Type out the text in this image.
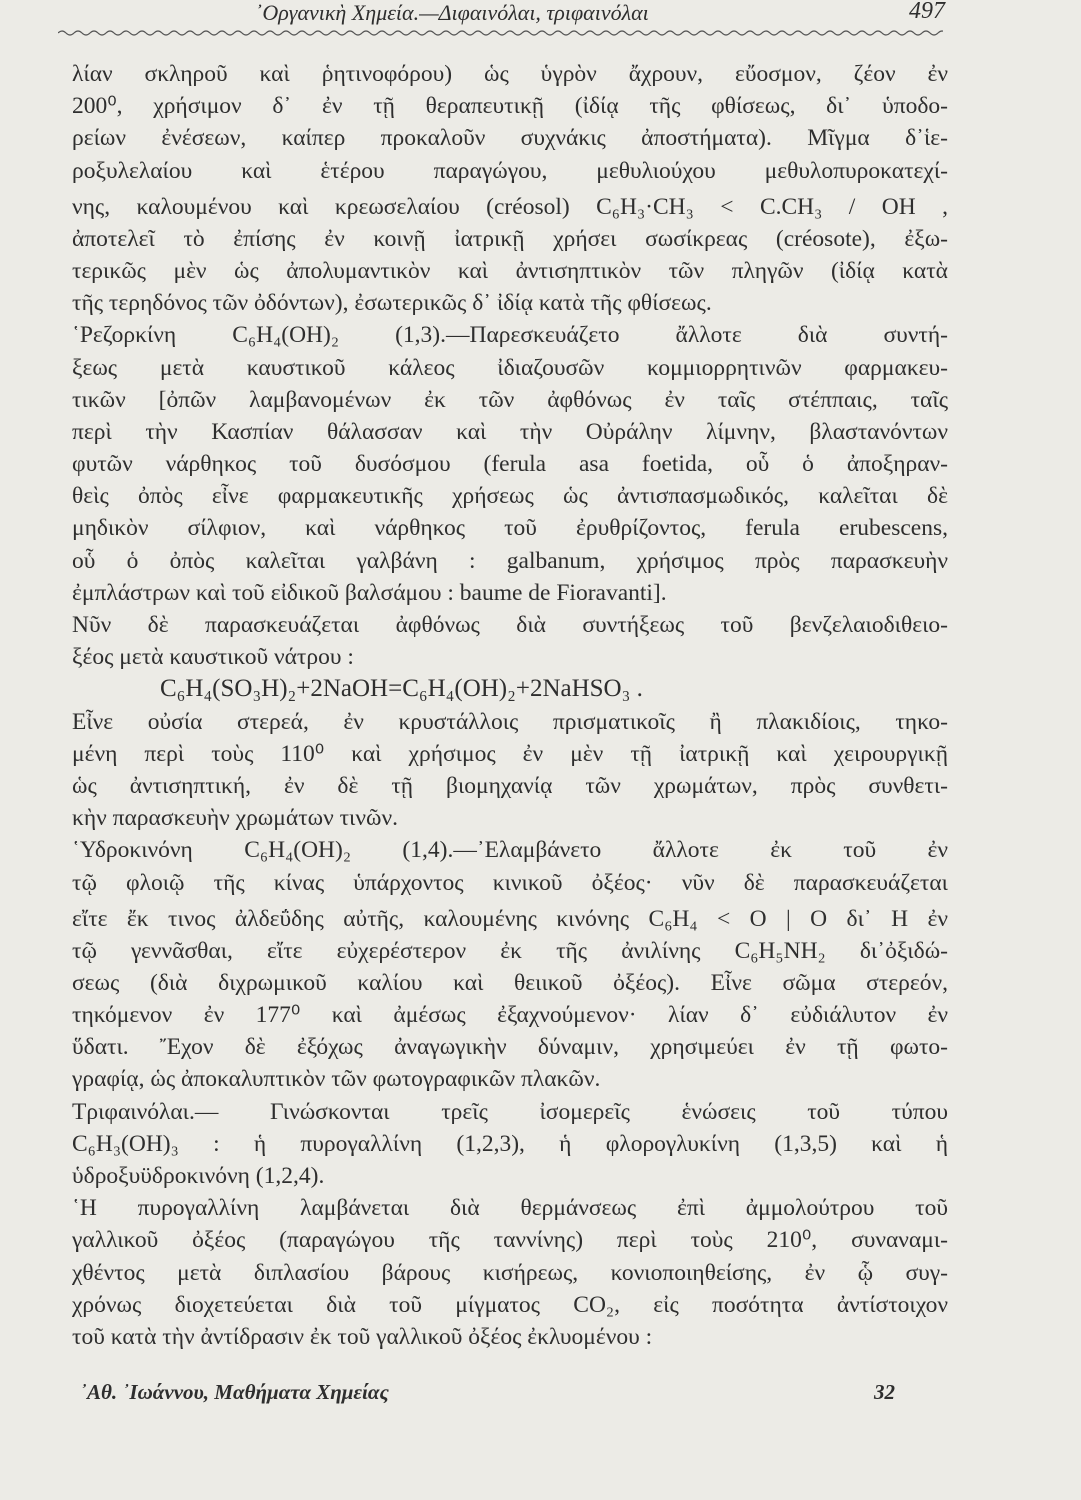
᾿Οργανικὴ Χημεία.—Διφαινόλαι, τριφαινόλαι	497
λίαν σκληροῦ καὶ ῥητινοφόρου) ὡς ὑγρὸν ἄχρουν, εὔοσμον, ζέον ἐν
200⁰, χρήσιμον δ᾿ ἐν τῇ θεραπευτικῇ (ἰδίᾳ τῆς φθίσεως, δι᾿ ὑποδο-
ρείων ἐνέσεων, καίπερ προκαλοῦν συχνάκις ἀποστήματα). Μῖγμα δ᾿ἱε-
ροξυλελαίου καὶ ἑτέρου παραγώγου, μεθυλιούχου μεθυλοπυροκατεχί-
νης, καλουμένου καὶ κρεωσελαίου (créosol) C₆H₃·CH₃ < C.CH₃ / OH ,
ἀποτελεῖ τὸ ἐπίσης ἐν κοινῇ ἰατρικῇ χρήσει σωσίκρεας (créosote), ἐξω-
τερικῶς μὲν ὡς ἀπολυμαντικὸν καὶ ἀντισηπτικὸν τῶν πληγῶν (ἰδίᾳ κατὰ
τῆς τερηδόνος τῶν ὀδόντων), ἐσωτερικῶς δ᾿ ἰδίᾳ κατὰ τῆς φθίσεως.
῾Ρεζορκίνη C₆H₄(OH)₂ (1,3).—Παρεσκευάζετο ἄλλοτε διὰ συντή-
ξεως μετὰ καυστικοῦ κάλεος ἰδιαζουσῶν κομμιορρητινῶν φαρμακευ-
τικῶν [ὀπῶν λαμβανομένων ἐκ τῶν ἀφθόνως ἐν ταῖς στέππαις, ταῖς
περὶ τὴν Κασπίαν θάλασσαν καὶ τὴν Οὐράλην λίμνην, βλαστανόντων
φυτῶν νάρθηκος τοῦ δυσόσμου (ferula asa foetida, οὗ ὁ ἀποξηραν-
θεὶς ὀπὸς εἶνε φαρμακευτικῆς χρήσεως ὡς ἀντισπασμωδικός, καλεῖται δὲ
μηδικὸν σίλφιον, καὶ νάρθηκος τοῦ ἐρυθρίζοντος, ferula erubescens,
οὗ ὁ ὀπὸς καλεῖται γαλβάνη : galbanum, χρήσιμος πρὸς παρασκευὴν
ἐμπλάστρων καὶ τοῦ εἰδικοῦ βαλσάμου : baume de Fioravanti].
Νῦν δὲ παρασκευάζεται ἀφθόνως διὰ συντήξεως τοῦ βενζελαιοδιθειο-
ξέος μετὰ καυστικοῦ νάτρου :
C₆H₄(SO₃H)₂+2NaOH=C₆H₄(OH)₂+2NaHSO₃ .
Εἶνε οὐσία στερεά, ἐν κρυστάλλοις πρισματικοῖς ἢ πλακιδίοις, τηκο-
μένη περὶ τοὺς 110⁰ καὶ χρήσιμος ἐν μὲν τῇ ἰατρικῇ καὶ χειρουργικῇ
ὡς ἀντισηπτική, ἐν δὲ τῇ βιομηχανίᾳ τῶν χρωμάτων, πρὸς συνθετι-
κὴν παρασκευὴν χρωμάτων τινῶν.
῾Υδροκινόνη C₆H₄(OH)₂ (1,4).—᾿Ελαμβάνετο ἄλλοτε ἐκ τοῦ ἐν
τῷ φλοιῷ τῆς κίνας ὑπάρχοντος κινικοῦ ὀξέος· νῦν δὲ παρασκευάζεται
εἴτε ἔκ τινος ἀλδεΰδης αὐτῆς, καλουμένης κινόνης C₆H₄ < O | O δι᾿ H ἐν
τῷ γεννᾶσθαι, εἴτε εὐχερέστερον ἐκ τῆς ἀνιλίνης C₆H₅NH₂ δι᾿ὀξιδώ-
σεως (διὰ διχρωμικοῦ καλίου καὶ θειικοῦ ὀξέος). Εἶνε σῶμα στερεόν,
τηκόμενον ἐν 177⁰ καὶ ἀμέσως ἐξαχνούμενον· λίαν δ᾿ εὐδιάλυτον ἐν
ὕδατι. Ἔχον δὲ ἐξόχως ἀναγωγικὴν δύναμιν, χρησιμεύει ἐν τῇ φωτο-
γραφίᾳ, ὡς ἀποκαλυπτικὸν τῶν φωτογραφικῶν πλακῶν.
Τριφαινόλαι.— Γινώσκονται τρεῖς ἰσομερεῖς ἑνώσεις τοῦ τύπου
C₆H₃(OH)₃ : ἡ πυρογαλλίνη (1,2,3), ἡ φλορογλυκίνη (1,3,5) καὶ ἡ
ὑδροξυϋδροκινόνη (1,2,4).
῾Η πυρογαλλίνη λαμβάνεται διὰ θερμάνσεως ἐπὶ ἀμμολούτρου τοῦ
γαλλικοῦ ὀξέος (παραγώγου τῆς ταννίνης) περὶ τοὺς 210⁰, συναναμι-
χθέντος μετὰ διπλασίου βάρους κισήρεως, κονιοποιηθείσης, ἐν ᾧ συγ-
χρόνως διοχετεύεται διὰ τοῦ μίγματος CO₂, εἰς ποσότητα ἀντίστοιχον
τοῦ κατὰ τὴν ἀντίδρασιν ἐκ τοῦ γαλλικοῦ ὀξέος ἐκλυομένου :
᾿Αθ. ᾿Ιωάννου, Μαθήματα Χημείας	32
